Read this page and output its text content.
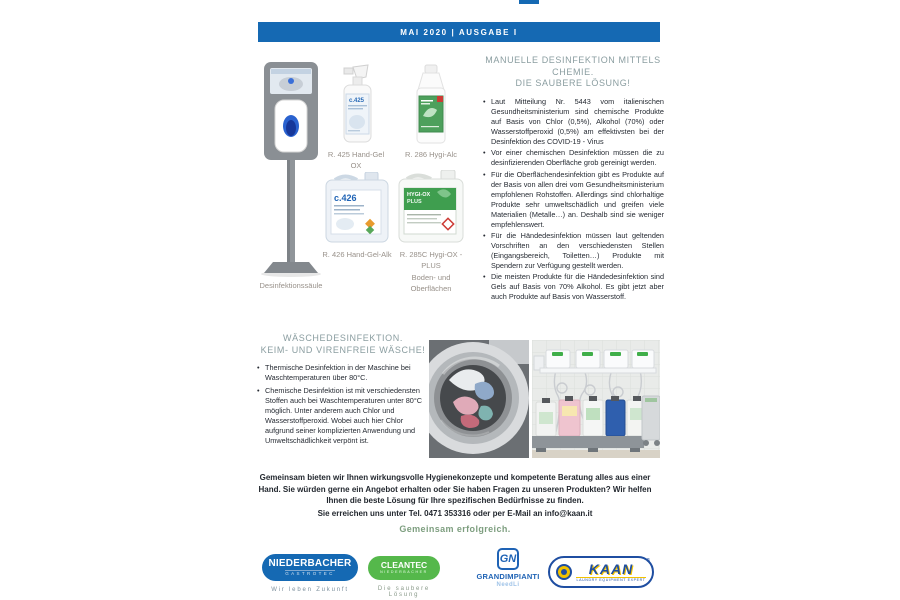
MAI 2020 | AUSGABE I
Desinfektionssäule
c.425
R. 425 Hand-Gel OX
R. 286 Hygi-Alc
c.426
R. 426 Hand-Gel-Alk
HYGI-OX
PLUS
R. 285C Hygi-OX - PLUS
Boden- und Oberflächen
MANUELLE DESINFEKTION MITTELS CHEMIE.
DIE SAUBERE LÖSUNG!
• Laut Mitteilung Nr. 5443 vom italienischen Gesundheitsministerium sind chemische Produkte auf Basis von Chlor (0,5%), Alkohol (70%) oder Wasserstoffperoxid (0,5%) am effektivsten bei der Desinfektion des COVID-19 - Virus
• Vor einer chemischen Desinfektion müssen die zu desinfizierenden Oberfläche grob gereinigt werden.
• Für die Oberflächendesinfektion gibt es Produkte auf der Basis von allen drei vom Gesundheitsministerium empfohlenen Rohstoffen. Allerdings sind chlorhaltige Produkte sehr umweltschädlich und greifen viele Materialien (Metalle…) an. Deshalb sind sie weniger empfehlenswert.
• Für die Händedesinfektion müssen laut geltenden Vorschriften an den verschiedensten Stellen (Eingangsbereich, Toiletten…) Produkte mit Spendern zur Verfügung gestellt werden.
• Die meisten Produkte für die Händedesinfektion sind Gels auf Basis von 70% Alkohol. Es gibt jetzt aber auch Produkte auf Basis von Wasserstoff.
WÄSCHEDESINFEKTION.
KEIM- UND VIRENFREIE WÄSCHE!
• Thermische Desinfektion in der Maschine bei Waschtemperaturen über 80°C.
• Chemische Desinfektion ist mit verschiedensten Stoffen auch bei Waschtemperaturen unter 80°C möglich. Unter anderem auch Chlor und Wasserstoffperoxid. Wobei auch hier Chlor aufgrund seiner komplizierten Anwendung und Umweltschädlichkeit verpönt ist.

Gemeinsam bieten wir Ihnen wirkungsvolle Hygienekonzepte und kompetente Beratung alles aus einer Hand. Sie würden gerne ein Angebot erhalten oder Sie haben Fragen zu unseren Produkten? Wir helfen Ihnen die beste Lösung für Ihre spezifischen Bedürfnisse zu finden.

Sie erreichen uns unter Tel. 0471 353316 oder per E-Mail an info@kaan.it

Gemeinsam erfolgreich.

NIEDERBACHER
GASTROTEC
Wir leben Zukunft
CLEANTEC
NIEDERBACHER
Die saubere Lösung
GN
GRANDIMPIANTI
NeedLi
KAAN
LAUNDRY EQUIPMENT EXPERT
®
